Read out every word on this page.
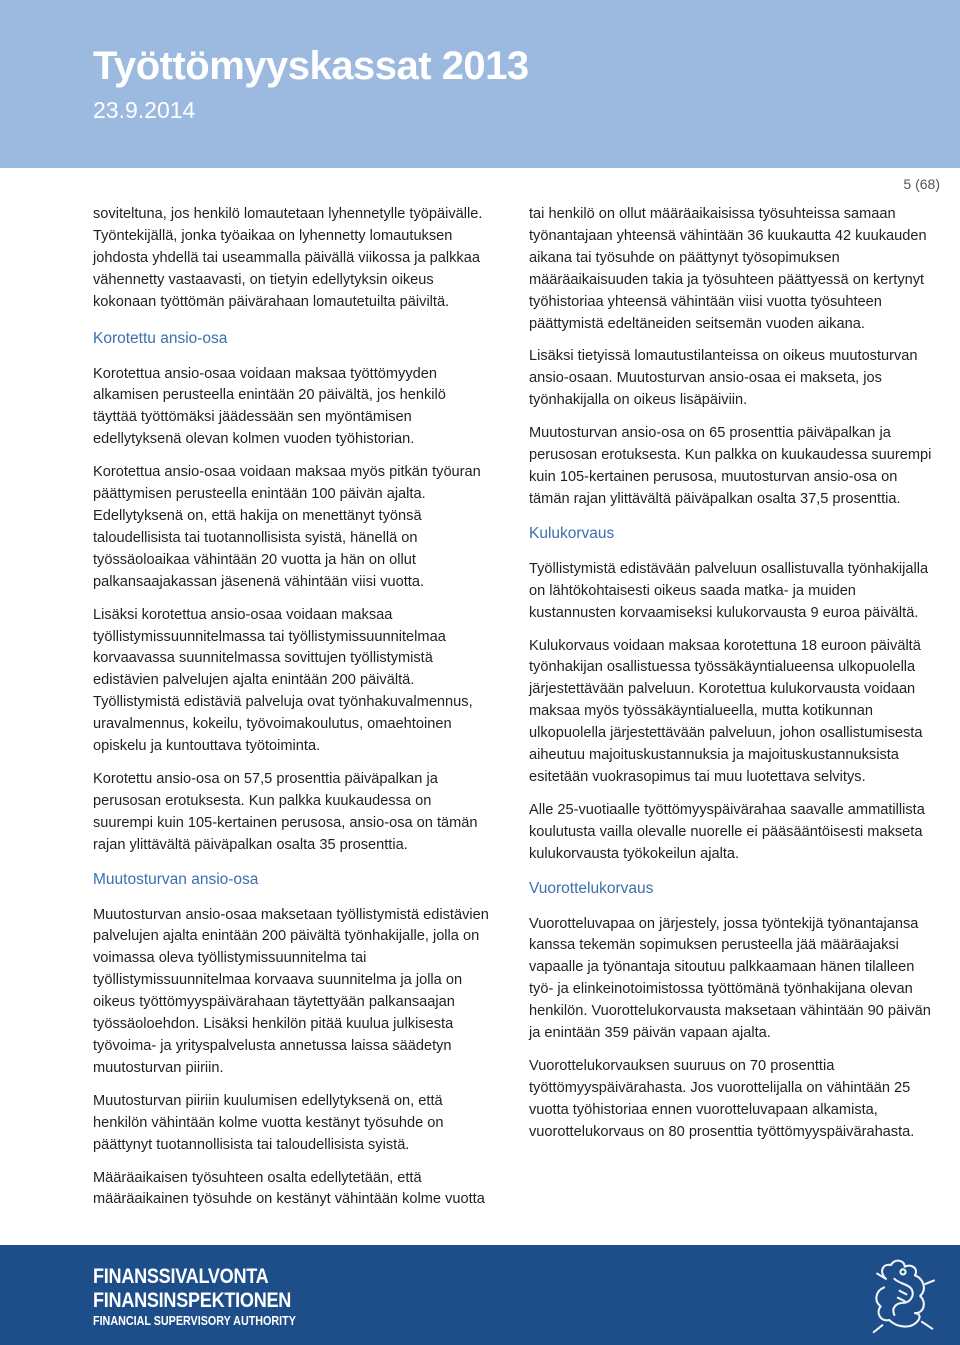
Työttömyyskassat 2013
23.9.2014
5 (68)

soviteltuna, jos henkilö lomautetaan lyhennetylle työpäivälle. Työntekijällä, jonka työaikaa on lyhennetty lomautuksen johdosta yhdellä tai useammalla päivällä viikossa ja palkkaa vähennetty vastaavasti, on tietyin edellytyksin oikeus kokonaan työttömän päivärahaan lomautetuilta päiviltä.

Korotettu ansio-osa

Korotettua ansio-osaa voidaan maksaa työttömyyden alkamisen perusteella enintään 20 päivältä, jos henkilö täyttää työttömäksi jäädessään sen myöntämisen edellytyksenä olevan kolmen vuoden työhistorian.

Korotettua ansio-osaa voidaan maksaa myös pitkän työuran päättymisen perusteella enintään 100 päivän ajalta. Edellytyksenä on, että hakija on menettänyt työnsä taloudellisista tai tuotannollisista syistä, hänellä on työssäoloaikaa vähintään 20 vuotta ja hän on ollut palkansaajakassan jäsenenä vähintään viisi vuotta.

Lisäksi korotettua ansio-osaa voidaan maksaa työllistymissuunnitelmassa tai työllistymissuunnitelmaa korvaavassa suunnitelmassa sovittujen työllistymistä edistävien palvelujen ajalta enintään 200 päivältä. Työllistymistä edistäviä palveluja ovat työnhakuvalmennus, uravalmennus, kokeilu, työvoimakoulutus, omaehtoinen opiskelu ja kuntouttava työtoiminta.

Korotettu ansio-osa on 57,5 prosenttia päiväpalkan ja perusosan erotuksesta. Kun palkka kuukaudessa on suurempi kuin 105-kertainen perusosa, ansio-osa on tämän rajan ylittävältä päiväpalkan osalta 35 prosenttia.

Muutosturvan ansio-osa

Muutosturvan ansio-osaa maksetaan työllistymistä edistävien palvelujen ajalta enintään 200 päivältä työnhakijalle, jolla on voimassa oleva työllistymissuunnitelma tai työllistymissuunnitelmaa korvaava suunnitelma ja jolla on oikeus työttömyyspäivärahaan täytettyään palkansaajan työssäoloehdon. Lisäksi henkilön pitää kuulua julkisesta työvoima- ja yrityspalvelusta annetussa laissa säädetyn muutosturvan piiriin.

Muutosturvan piiriin kuulumisen edellytyksenä on, että henkilön vähintään kolme vuotta kestänyt työsuhde on päättynyt tuotannollisista tai taloudellisista syistä.

Määräaikaisen työsuhteen osalta edellytetään, että määräaikainen työsuhde on kestänyt vähintään kolme vuotta

tai henkilö on ollut määräaikaisissa työsuhteissa samaan työnantajaan yhteensä vähintään 36 kuukautta 42 kuukauden aikana tai työsuhde on päättynyt työsopimuksen määräaikaisuuden takia ja työsuhteen päättyessä on kertynyt työhistoriaa yhteensä vähintään viisi vuotta työsuhteen päättymistä edeltäneiden seitsemän vuoden aikana.

Lisäksi tietyissä lomautustilanteissa on oikeus muutosturvan ansio-osaan. Muutosturvan ansio-osaa ei makseta, jos työnhakijalla on oikeus lisäpäiviin.

Muutosturvan ansio-osa on 65 prosenttia päiväpalkan ja perusosan erotuksesta. Kun palkka on kuukaudessa suurempi kuin 105-kertainen perusosa, muutosturvan ansio-osa on tämän rajan ylittävältä päiväpalkan osalta 37,5 prosenttia.

Kulukorvaus

Työllistymistä edistävään palveluun osallistuvalla työnhakijalla on lähtökohtaisesti oikeus saada matka- ja muiden kustannusten korvaamiseksi kulukorvausta 9 euroa päivältä.

Kulukorvaus voidaan maksaa korotettuna 18 euroon päivältä työnhakijan osallistuessa työssäkäyntialueensa ulkopuolella järjestettävään palveluun. Korotettua kulukorvausta voidaan maksaa myös työssäkäyntialueella, mutta kotikunnan ulkopuolella järjestettävään palveluun, johon osallistumisesta aiheutuu majoituskustannuksia ja majoituskustannuksista esitetään vuokrasopimus tai muu luotettava selvitys.

Alle 25-vuotiaalle työttömyyspäivärahaa saavalle ammatillista koulutusta vailla olevalle nuorelle ei pääsääntöisesti makseta kulukorvausta työkokeilun ajalta.

Vuorottelukorvaus

Vuorotteluvapaa on järjestely, jossa työntekijä työnantajansa kanssa tekemän sopimuksen perusteella jää määräajaksi vapaalle ja työnantaja sitoutuu palkkaamaan hänen tilalleen työ- ja elinkeinotoimistossa työttömänä työnhakijana olevan henkilön. Vuorottelukorvausta maksetaan vähintään 90 päivän ja enintään 359 päivän vapaan ajalta.

Vuorottelukorvauksen suuruus on 70 prosenttia työttömyyspäivärahasta. Jos vuorottelijalla on vähintään 25 vuotta työhistoriaa ennen vuorotteluvapaan alkamista, vuorottelukorvaus on 80 prosenttia työttömyyspäivärahasta.

FINANSSIVALVONTA
FINANSINSPEKTIONEN
FINANCIAL SUPERVISORY AUTHORITY
